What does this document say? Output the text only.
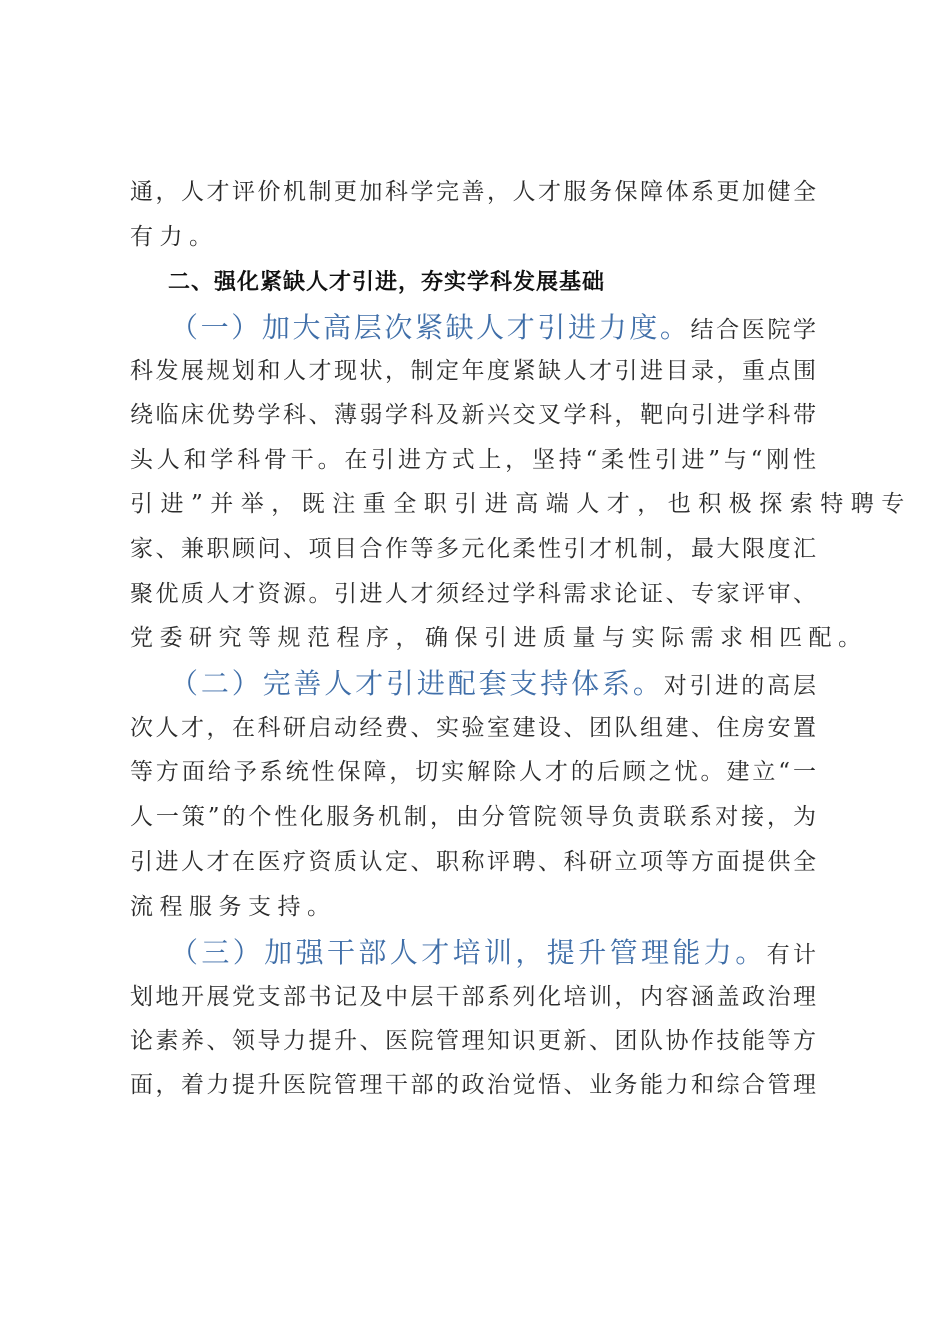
通，人才评价机制更加科学完善，人才服务保障体系更加健全
有力。
二、强化紧缺人才引进，夯实学科发展基础
（一）加大高层次紧缺人才引进力度。结合医院学
科发展规划和人才现状，制定年度紧缺人才引进目录，重点围
绕临床优势学科、薄弱学科及新兴交叉学科，靶向引进学科带
头人和学科骨干。在引进方式上，坚持“柔性引进”与“刚性
引进”并举，既注重全职引进高端人才，也积极探索特聘专
家、兼职顾问、项目合作等多元化柔性引才机制，最大限度汇
聚优质人才资源。引进人才须经过学科需求论证、专家评审、
党委研究等规范程序，确保引进质量与实际需求相匹配。
（二）完善人才引进配套支持体系。对引进的高层
次人才，在科研启动经费、实验室建设、团队组建、住房安置
等方面给予系统性保障，切实解除人才的后顾之忧。建立“一
人一策”的个性化服务机制，由分管院领导负责联系对接，为
引进人才在医疗资质认定、职称评聘、科研立项等方面提供全
流程服务支持。
（三）加强干部人才培训，提升管理能力。有计
划地开展党支部书记及中层干部系列化培训，内容涵盖政治理
论素养、领导力提升、医院管理知识更新、团队协作技能等方
面，着力提升医院管理干部的政治觉悟、业务能力和综合管理
